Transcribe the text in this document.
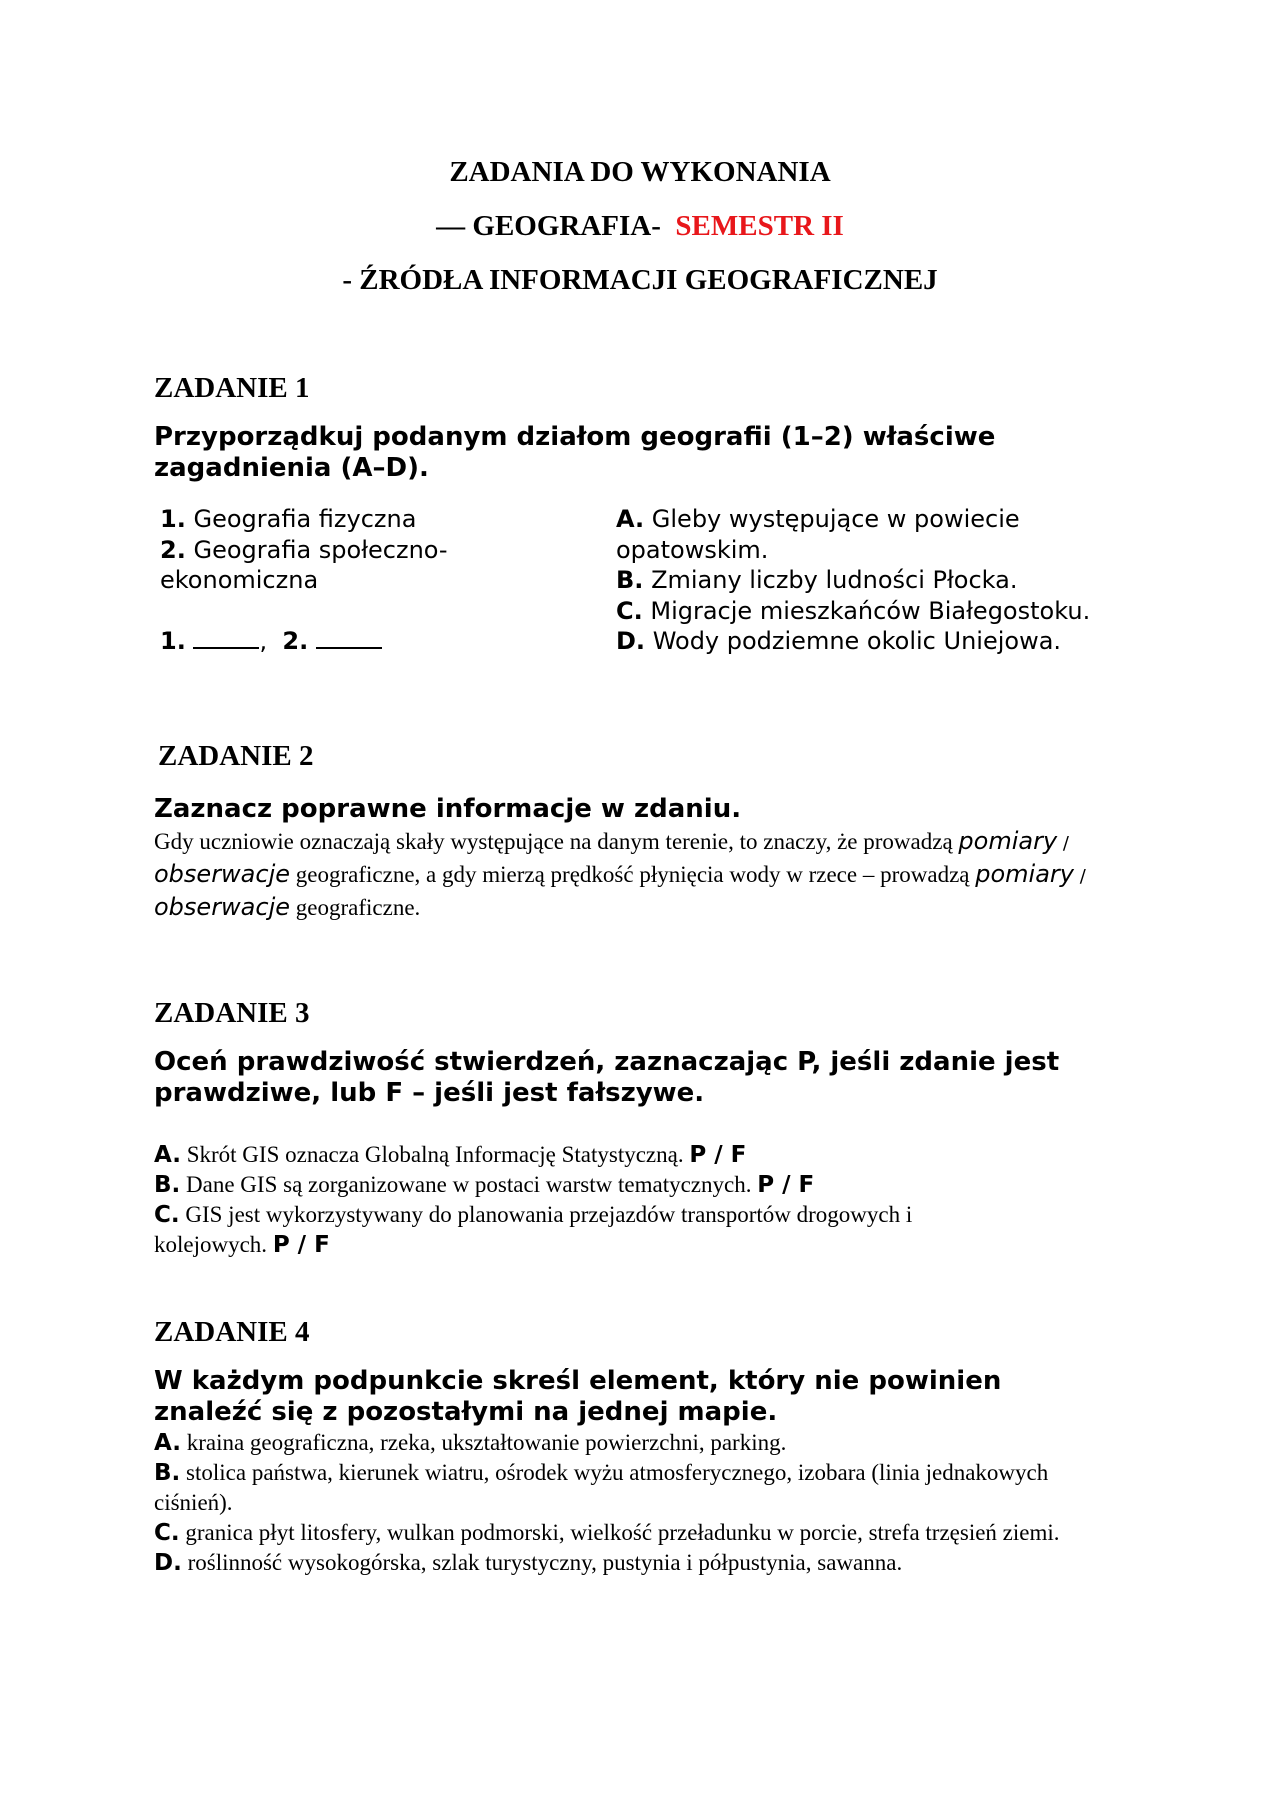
ZADANIA DO WYKONANIA
— GEOGRAFIA- SEMESTR II
- ŹRÓDŁA INFORMACJI GEOGRAFICZNEJ
ZADANIE 1
Przyporządkuj podanym działom geografii (1–2) właściwe zagadnienia (A–D).
1. Geografia fizyczna
2. Geografia społeczno-ekonomiczna
1.	, 2.
A. Gleby występujące w powiecie opatowskim.
B. Zmiany liczby ludności Płocka.
C. Migracje mieszkańców Białegostoku.
D. Wody podziemne okolic Uniejowa.
ZADANIE 2
Zaznacz poprawne informacje w zdaniu.
Gdy uczniowie oznaczają skały występujące na danym terenie, to znaczy, że prowadzą pomiary / obserwacje geograficzne, a gdy mierzą prędkość płynięcia wody w rzece – prowadzą pomiary / obserwacje geograficzne.
ZADANIE 3
Oceń prawdziwość stwierdzeń, zaznaczając P, jeśli zdanie jest prawdziwe, lub F – jeśli jest fałszywe.
A. Skrót GIS oznacza Globalną Informację Statystyczną. P / F
B. Dane GIS są zorganizowane w postaci warstw tematycznych. P / F
C. GIS jest wykorzystywany do planowania przejazdów transportów drogowych i kolejowych. P / F
ZADANIE 4
W każdym podpunkcie skreśl element, który nie powinien znaleźć się z pozostałymi na jednej mapie.
A. kraina geograficzna, rzeka, ukształtowanie powierzchni, parking.
B. stolica państwa, kierunek wiatru, ośrodek wyżu atmosferycznego, izobara (linia jednakowych ciśnień).
C. granica płyt litosfery, wulkan podmorski, wielkość przeładunku w porcie, strefa trzęsień ziemi.
D. roślinność wysokogórska, szlak turystyczny, pustynia i półpustynia, sawanna.
